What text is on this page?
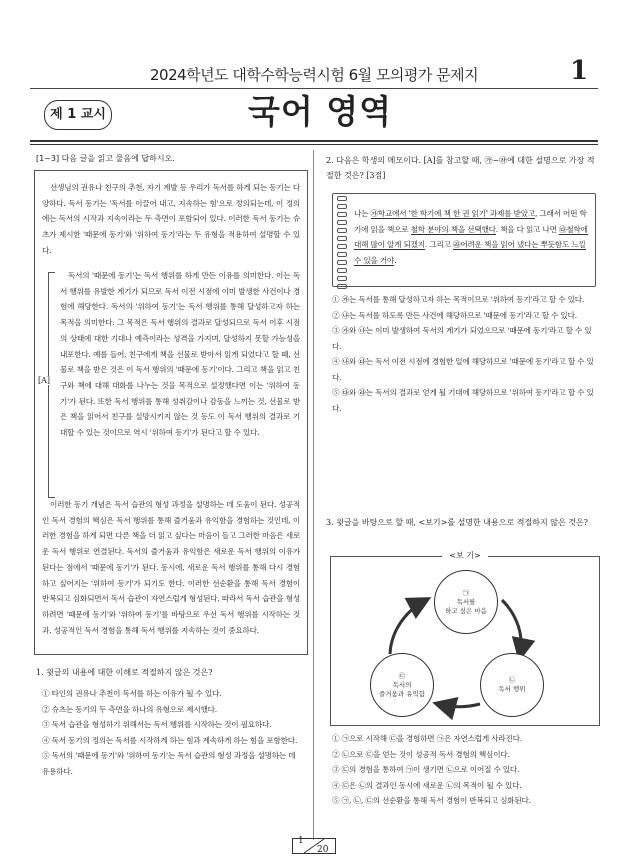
2024학년도 대학수학능력시험 6월 모의평가 문제지	1
제 1 교시	국어 영역
[1~3] 다음 글을 읽고 물음에 답하시오.
선생님의 권유나 친구의 추천, 자기 계발 등 우리가 독서를 하게 되는 동기는 다양하다. 독서 동기는 '독서를 이끌어 내고, 지속하는 힘'으로 정의되는데, 이 정의에는 독서의 시작과 지속이라는 두 측면이 포함되어 있다. 이러한 독서 동기는 슈츠가 제시한 '때문에 동기'와 '위하여 동기'라는 두 유형을 적용하여 설명할 수 있다.
[A]
독서의 '때문에 동기'는 독서 행위를 하게 만든 이유를 의미한다. 이는 독서 행위를 유발한 계기가 되므로 독서 이전 시점에 이미 발생한 사건이나 경험에 해당한다. 독서의 '위하여 동기'는 독서 행위를 통해 달성하고자 하는 목적을 의미한다. 그 목적은 독서 행위의 결과로 달성되므로 독서 이후 시점의 상태에 대한 기대나 예측이라는 성격을 가지며, 달성하지 못할 가능성을 내포한다. 예를 들어, 친구에게 책을 선물로 받아서 읽게 되었다고 할 때, 선물로 책을 받은 것은 이 독서 행위의 '때문에 동기'이다. 그리고 책을 읽고 친구와 책에 대해 대화를 나누는 것을 목적으로 설정했다면 이는 '위하여 동기'가 된다. 또한 독서 행위를 통해 성취감이나 감동을 느끼는 것, 선물로 받은 책을 읽어서 친구를 실망시키지 않는 것 등도 이 독서 행위의 결과로 기대할 수 있는 것이므로 역시 '위하여 동기'가 된다고 할 수 있다.
이러한 동기 개념은 독서 습관의 형성 과정을 설명하는 데 도움이 된다. 성공적인 독서 경험의 핵심은 독서 행위를 통해 즐거움과 유익함을 경험하는 것인데, 이러한 경험을 하게 되면 다른 책을 더 읽고 싶다는 마음이 들고 그러한 마음은 새로운 독서 행위로 연결된다. 독서의 즐거움과 유익함은 새로운 독서 행위의 이유가 된다는 점에서 '때문에 동기'가 된다. 동시에, 새로운 독서 행위를 통해 다시 경험하고 싶어지는 '위하여 동기'가 되기도 한다. 이러한 선순환을 통해 독서 경험이 반복되고 심화되면서 독서 습관이 자연스럽게 형성된다. 따라서 독서 습관을 형성하려면 '때문에 동기'와 '위하여 동기'를 바탕으로 우선 독서 행위를 시작하는 것과, 성공적인 독서 경험을 통해 독서 행위를 지속하는 것이 중요하다.
1. 윗글의 내용에 대한 이해로 적절하지 않은 것은?
① 타인의 권유나 추천이 독서를 하는 이유가 될 수 있다.
② 슈츠는 동기의 두 측면을 하나의 유형으로 제시했다.
③ 독서 습관을 형성하기 위해서는 독서 행위를 시작하는 것이 필요하다.
④ 독서 동기의 정의는 독서를 시작하게 하는 힘과 계속하게 하는 힘을 포함한다.
⑤ 독서의 '때문에 동기'와 '위하여 동기'는 독서 습관의 형성 과정을 설명하는 데 유용하다.
2. 다음은 학생의 메모이다. [A]를 참고할 때, ㉮~㉱에 대한 설명으로 가장 적절한 것은? [3점]
나는 ㉮학교에서 '한 학기에 책 한 권 읽기' 과제를 받았고, 그래서 어떤 학기에 읽을 책으로 철학 분야의 책을 선택했다. 책을 다 읽고 나면 ㉰철학에 대해 많이 알게 되겠지. 그리고 ㉱어려운 책을 읽어 냈다는 뿌듯함도 느낄 수 있을 거야.
① ㉮는 독서를 통해 달성하고자 하는 목적이므로 '위하여 동기'라고 할 수 있다.
② ㉯는 독서를 하도록 만든 사건에 해당하므로 '때문에 동기'라고 할 수 있다.
③ ㉮와 ㉯는 이미 발생하여 독서의 계기가 되었으므로 '때문에 동기'라고 할 수 있다.
④ ㉯와 ㉰는 독서 이전 시점에 경험한 일에 해당하므로 '때문에 동기'라고 할 수 있다.
⑤ ㉰와 ㉱는 독서의 결과로 얻게 될 기대에 해당하므로 '위하여 동기'라고 할 수 있다.
3. 윗글을 바탕으로 할 때, <보기>를 설명한 내용으로 적절하지 않은 것은?
<보 기>
㉠
독서를
하고 싶은 마음
㉡
독서 행위
㉢
독서의
즐거움과 유익함
① ㉠으로 시작해 ㉢을 경험하면 ㉠은 자연스럽게 사라진다.
② ㉡으로 ㉢을 얻는 것이 성공적 독서 경험의 핵심이다.
③ ㉢의 경험을 통하여 ㉠이 생기면 ㉡으로 이어질 수 있다.
④ ㉢은 ㉡의 결과인 동시에 새로운 ㉡의 목적이 될 수 있다.
⑤ ㉠, ㉡, ㉢의 선순환을 통해 독서 경험이 반복되고 심화된다.
1
20
